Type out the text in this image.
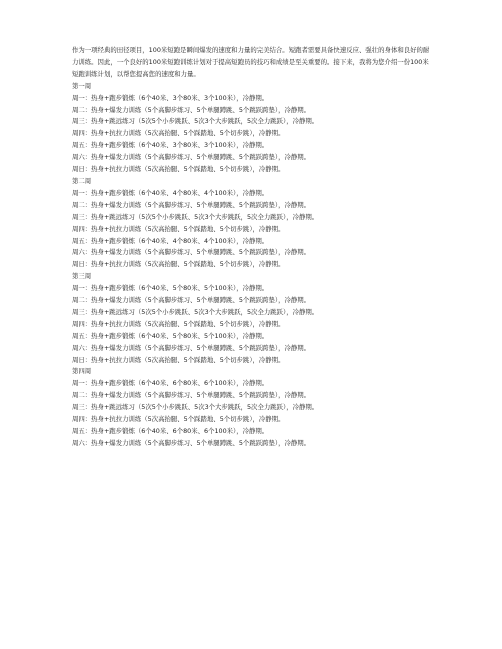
作为一项经典的田径项目，100米短跑是瞬间爆发的速度和力量的完美结合。短跑者需要具备快速反应、强壮的身体和良好的耐力训练。因此，一个良好的100米短跑训练计划对于提高短跑员的技巧和成绩是至关重要的。接下来，我将为您介绍一份100米短跑训练计划，以帮您提高您的速度和力量。

第一周

周一：热身+跑步锻炼（6个40米、3个80米、3个100米），冷静期。

周二：热身+爆发力训练（5个高脚步练习、5个单腿蹲跳、5个跳跃跨垫），冷静期。

周三：热身+跳远练习（5次5个小步跳跃、5次3个大步跳跃，5次全力跳跃），冷静期。

周四：热身+抗拉力训练（5次高抬腿、5个踩踏地、5个切步跳），冷静期。

周五：热身+跑步锻炼（6个40米、3个80米、3个100米），冷静期。

周六：热身+爆发力训练（5个高脚步练习、5个单腿蹲跳、5个跳跃跨垫），冷静期。

周日：热身+抗拉力训练（5次高抬腿、5个踩踏地、5个切步跳），冷静期。

第二周

周一：热身+跑步锻炼（6个40米、4个80米、4个100米），冷静期。

周二：热身+爆发力训练（5个高脚步练习、5个单腿蹲跳、5个跳跃跨垫），冷静期。

周三：热身+跳远练习（5次5个小步跳跃、5次3个大步跳跃，5次全力跳跃），冷静期。

周四：热身+抗拉力训练（5次高抬腿、5个踩踏地、5个切步跳），冷静期。

周五：热身+跑步锻炼（6个40米、4个80米、4个100米），冷静期。

周六：热身+爆发力训练（5个高脚步练习、5个单腿蹲跳、5个跳跃跨垫），冷静期。

周日：热身+抗拉力训练（5次高抬腿、5个踩踏地、5个切步跳），冷静期。

第三周

周一：热身+跑步锻炼（6个40米、5个80米、5个100米），冷静期。

周二：热身+爆发力训练（5个高脚步练习、5个单腿蹲跳、5个跳跃跨垫），冷静期。

周三：热身+跳远练习（5次5个小步跳跃、5次3个大步跳跃，5次全力跳跃），冷静期。

周四：热身+抗拉力训练（5次高抬腿、5个踩踏地、5个切步跳），冷静期。

周五：热身+跑步锻炼（6个40米、5个80米、5个100米），冷静期。

周六：热身+爆发力训练（5个高脚步练习、5个单腿蹲跳、5个跳跃跨垫），冷静期。

周日：热身+抗拉力训练（5次高抬腿、5个踩踏地、5个切步跳），冷静期。

第四周

周一：热身+跑步锻炼（6个40米、6个80米、6个100米），冷静期。

周二：热身+爆发力训练（5个高脚步练习、5个单腿蹲跳、5个跳跃跨垫），冷静期。

周三：热身+跳远练习（5次5个小步跳跃、5次3个大步跳跃，5次全力跳跃），冷静期。

周四：热身+抗拉力训练（5次高抬腿、5个踩踏地、5个切步跳），冷静期。

周五：热身+跑步锻炼（6个40米、6个80米、6个100米），冷静期。

周六：热身+爆发力训练（5个高脚步练习、5个单腿蹲跳、5个跳跃跨垫），冷静期。
